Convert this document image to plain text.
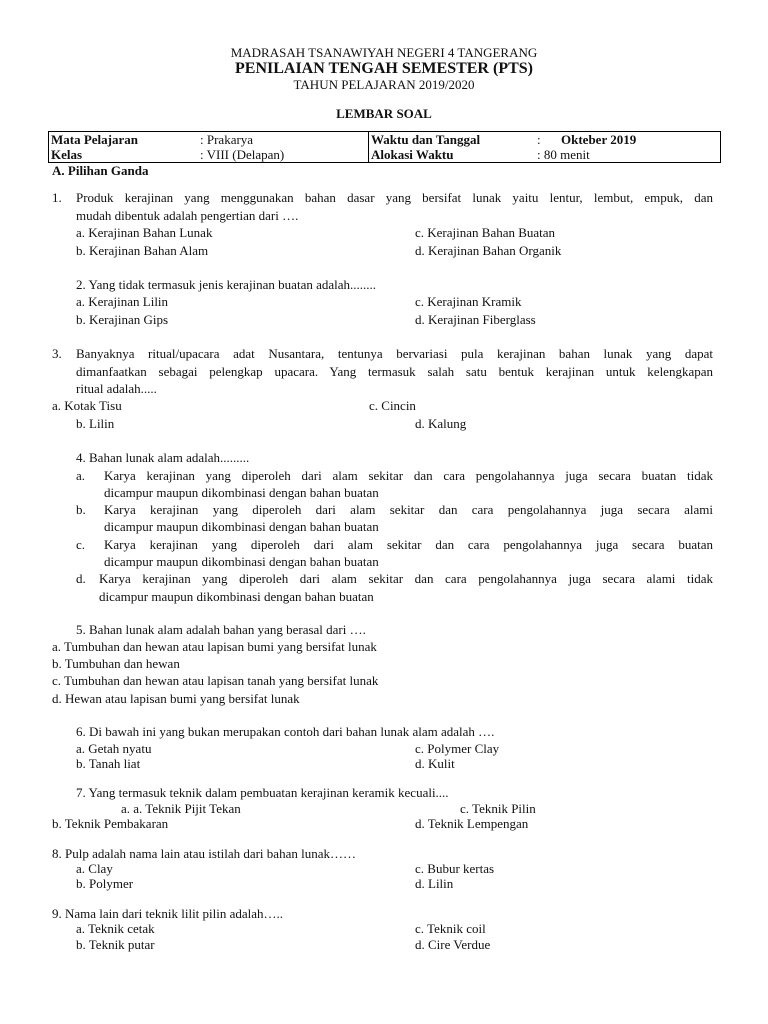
MADRASAH TSANAWIYAH NEGERI 4 TANGERANG
PENILAIAN TENGAH SEMESTER (PTS)
TAHUN PELAJARAN 2019/2020
LEMBAR SOAL
Mata Pelajaran	: Prakarya	Waktu dan Tanggal	:	Okteber 2019
Kelas	: VIII (Delapan)	Alokasi Waktu	: 80 menit	
A. Pilihan Ganda
1. Produk kerajinan yang menggunakan bahan dasar yang bersifat lunak yaitu lentur, lembut, empuk, dan
mudah dibentuk adalah pengertian dari ….
a. Kerajinan Bahan Lunak
b. Kerajinan Bahan Alam
c. Kerajinan Bahan Buatan
d. Kerajinan Bahan Organik
2. Yang tidak termasuk jenis kerajinan buatan adalah........
a. Kerajinan Lilin
b. Kerajinan Gips
c. Kerajinan Kramik
d. Kerajinan Fiberglass
3. Banyaknya ritual/upacara adat Nusantara, tentunya bervariasi pula kerajinan bahan lunak yang dapat
dimanfaatkan sebagai pelengkap upacara. Yang termasuk salah satu bentuk kerajinan untuk kelengkapan
ritual adalah.....
a. Kotak Tisu
b. Lilin
c. Cincin
d. Kalung
4. Bahan lunak alam adalah.........
a. Karya kerajinan yang diperoleh dari alam sekitar dan cara pengolahannya juga secara buatan tidak
dicampur maupun dikombinasi dengan bahan buatan
b. Karya kerajinan yang diperoleh dari alam sekitar dan cara pengolahannya juga secara alami
dicampur maupun dikombinasi dengan bahan buatan
c. Karya kerajinan yang diperoleh dari alam sekitar dan cara pengolahannya juga secara buatan
dicampur maupun dikombinasi dengan bahan buatan
d. Karya kerajinan yang diperoleh dari alam sekitar dan cara pengolahannya juga secara alami tidak
dicampur maupun dikombinasi dengan bahan buatan
5. Bahan lunak alam adalah bahan yang berasal dari ….
a. Tumbuhan dan hewan atau lapisan bumi yang bersifat lunak
b. Tumbuhan dan hewan
c. Tumbuhan dan hewan atau lapisan tanah yang bersifat lunak
d. Hewan atau lapisan bumi yang bersifat lunak
6. Di bawah ini yang bukan merupakan contoh dari bahan lunak alam adalah ….
a. Getah nyatu
b. Tanah liat
c. Polymer Clay
d. Kulit
7. Yang termasuk teknik dalam pembuatan kerajinan keramik kecuali....
a. a. Teknik Pijit Tekan	c. Teknik Pilin
b. Teknik Pembakaran	d. Teknik Lempengan
8. Pulp adalah nama lain atau istilah dari bahan lunak……
a. Clay
b. Polymer
c. Bubur kertas
d. Lilin
9. Nama lain dari teknik lilit pilin adalah…..
a. Teknik cetak
b. Teknik putar
c. Teknik coil
d. Cire Verdue
